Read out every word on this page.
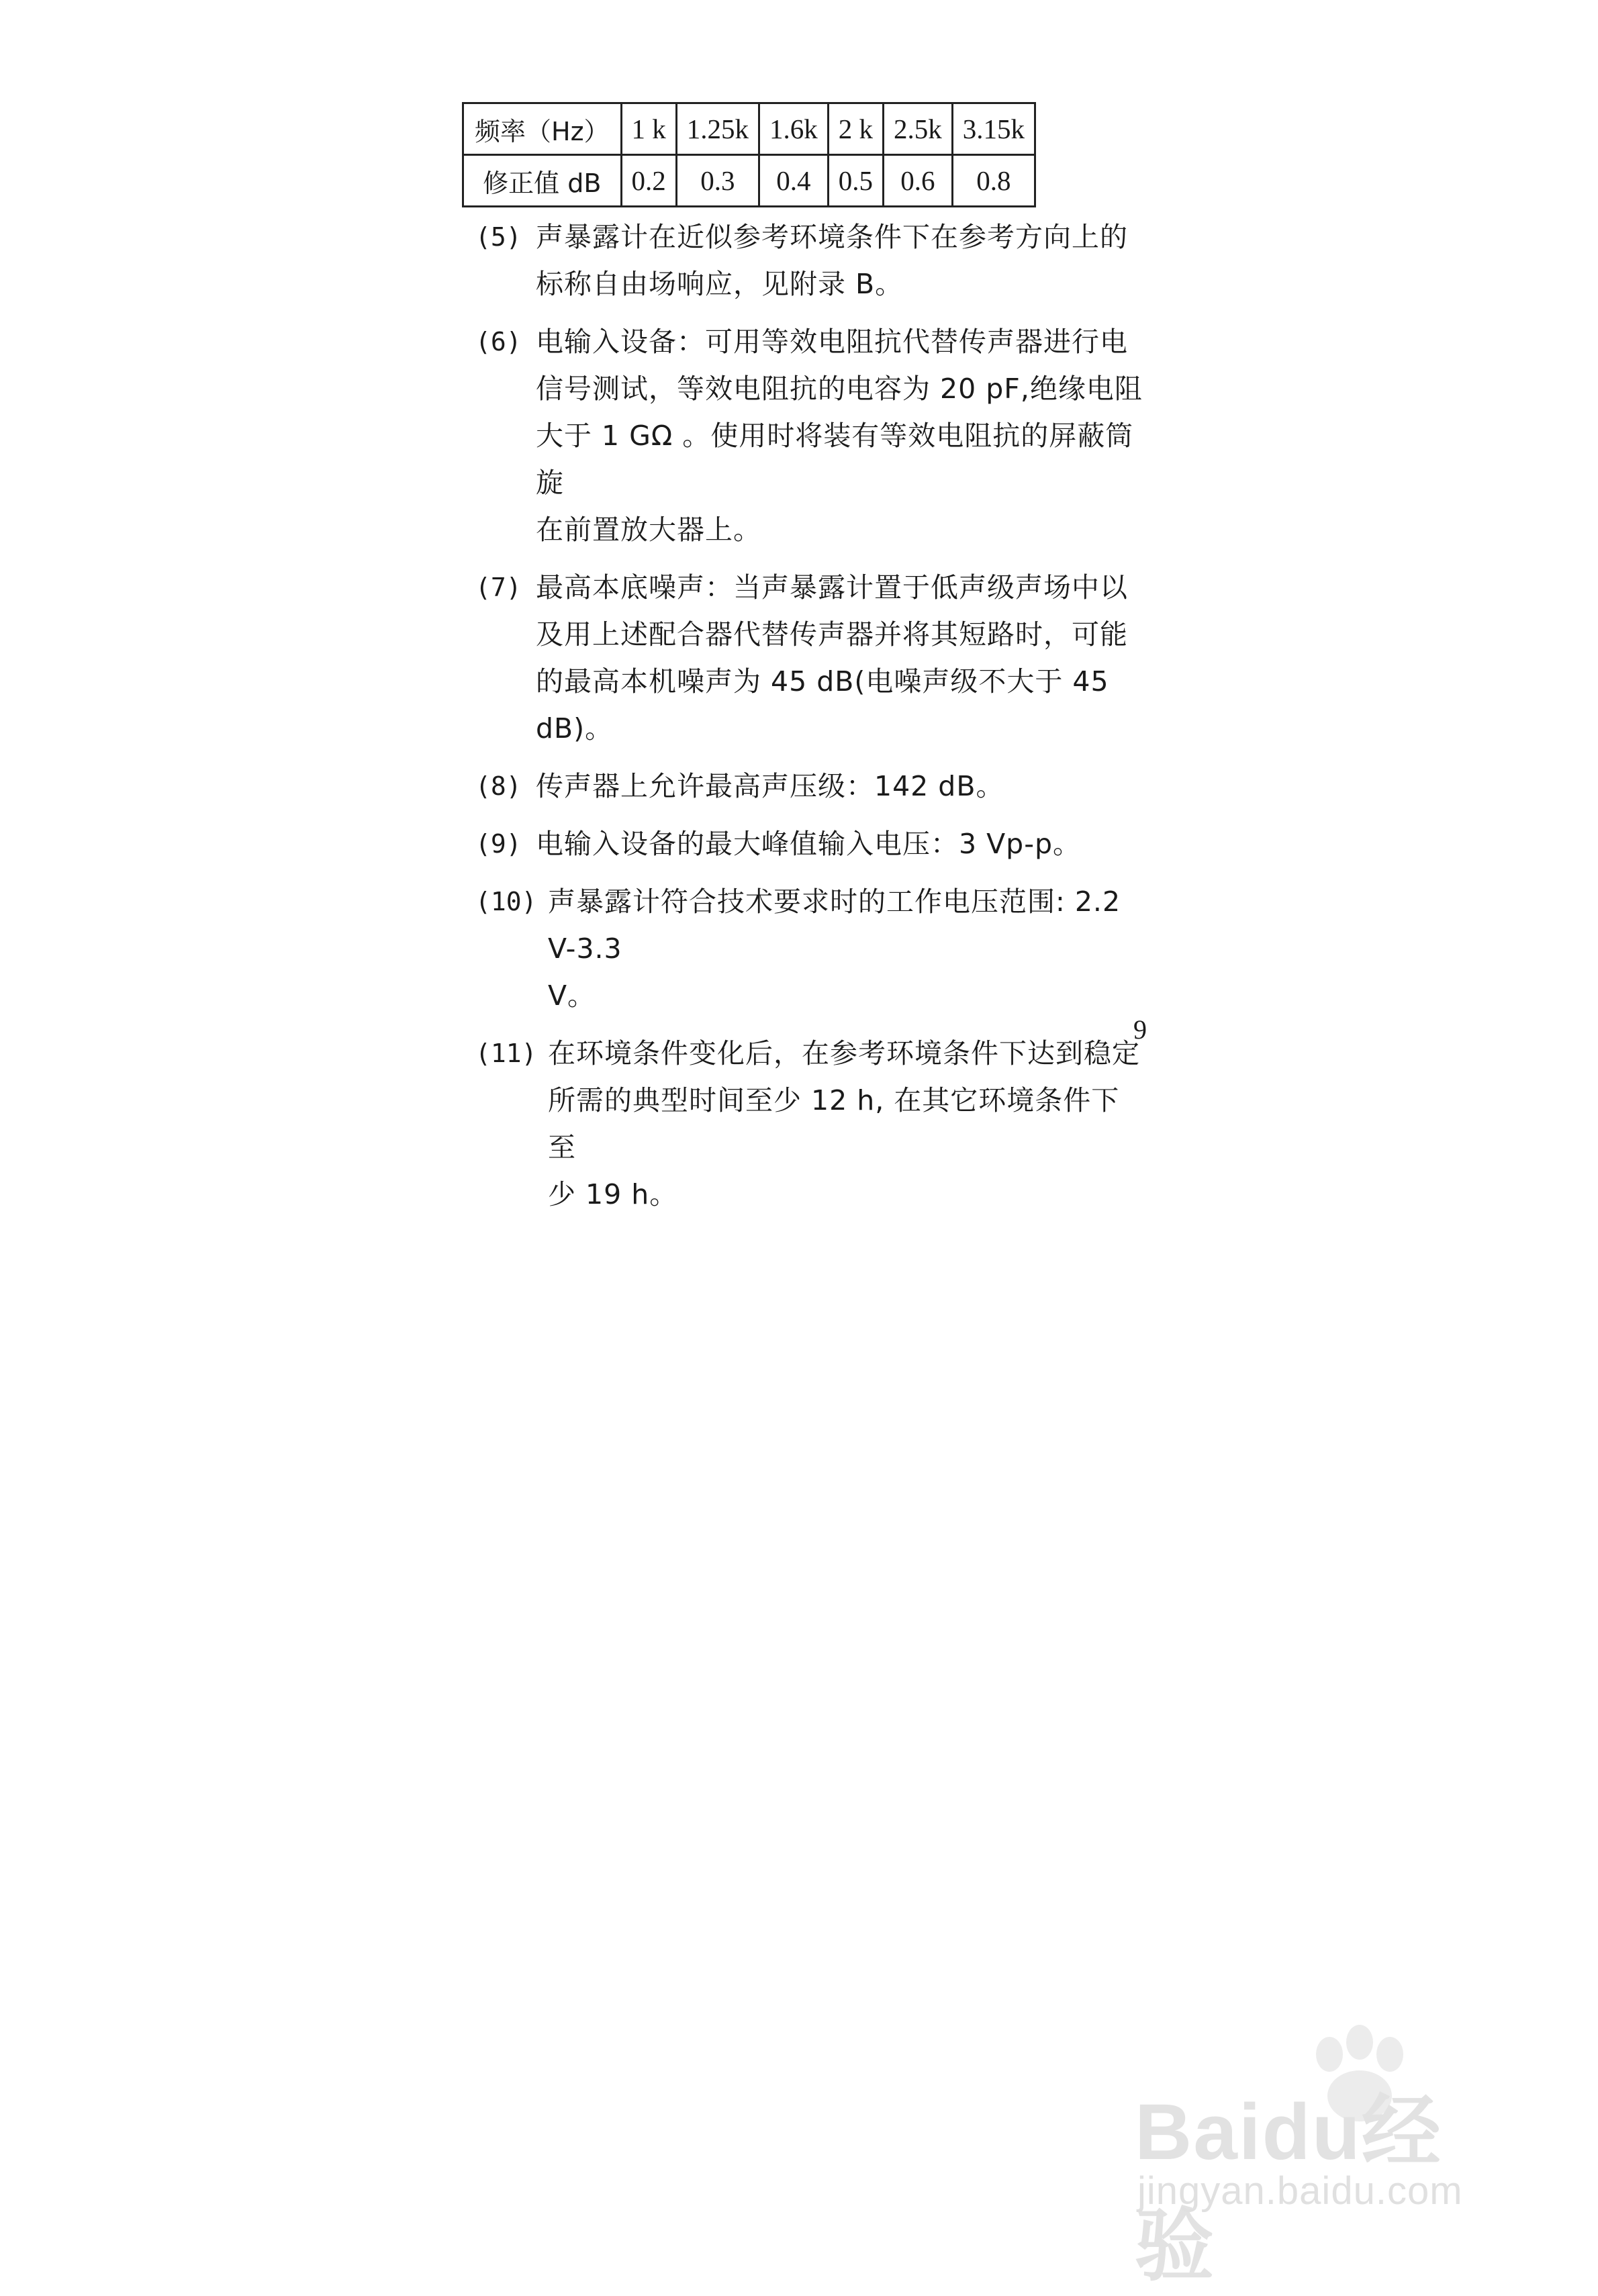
频率（Hz）	1 k	1.25k	1.6k	2 k	2.5k	3.15k
修正值 dB	0.2	0.3	0.4	0.5	0.6	0.8
(5) 声暴露计在近似参考环境条件下在参考方向上的
标称自由场响应，见附录 B。
(6) 电输入设备：可用等效电阻抗代替传声器进行电
信号测试，等效电阻抗的电容为 20 pF,绝缘电阻
大于 1 GΩ 。使用时将装有等效电阻抗的屏蔽筒旋
在前置放大器上。
(7) 最高本底噪声：当声暴露计置于低声级声场中以
及用上述配合器代替传声器并将其短路时，可能
的最高本机噪声为 45 dB(电噪声级不大于 45 dB)。
(8) 传声器上允许最高声压级：142 dB。
(9) 电输入设备的最大峰值输入电压：3 Vp-p。
(10) 声暴露计符合技术要求时的工作电压范围: 2.2 V-3.3
V。
(11) 在环境条件变化后，在参考环境条件下达到稳定
所需的典型时间至少 12 h, 在其它环境条件下至
少 19 h。
9
Baidu经验
jingyan.baidu.com
